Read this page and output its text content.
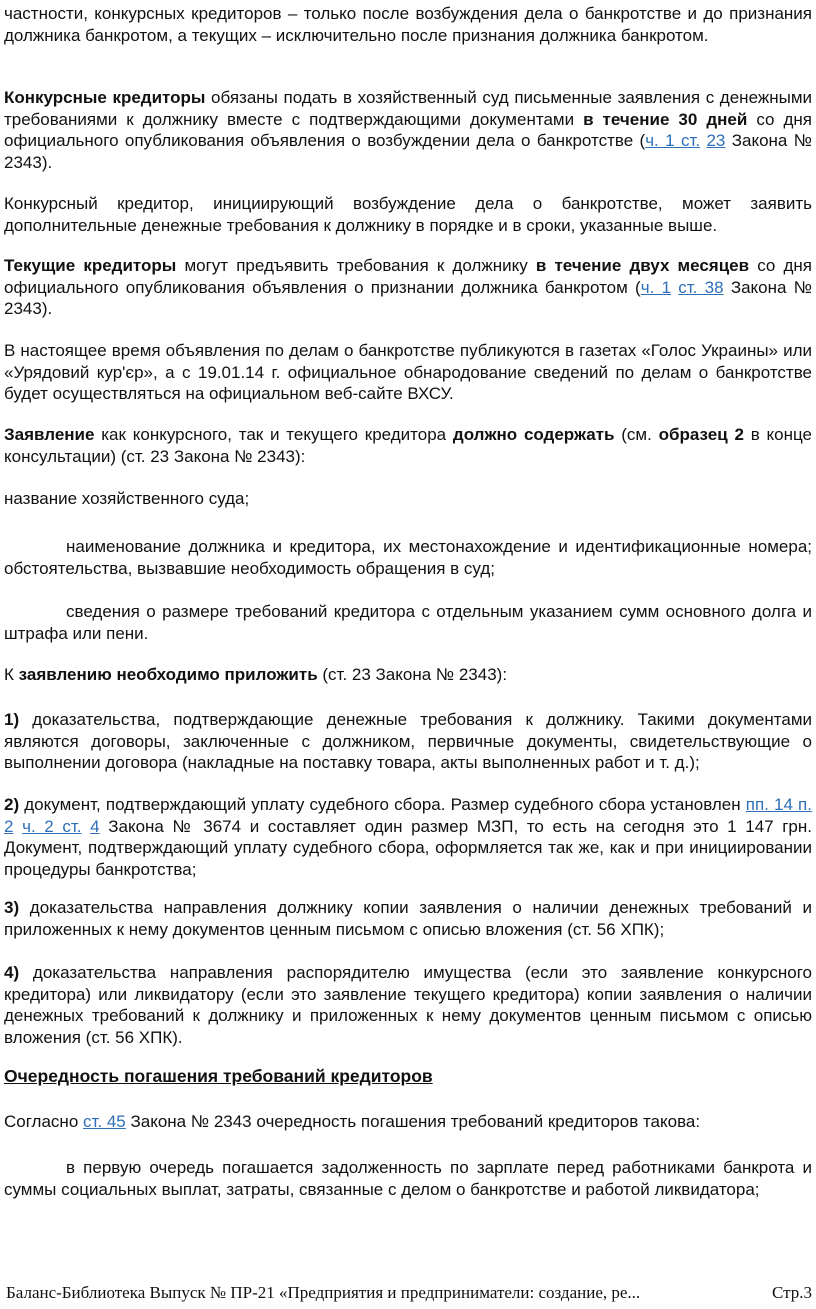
частности, конкурсных кредиторов – только после возбуждения дела о банкротстве и до признания должника банкротом, а текущих – исключительно после признания должника банкротом.

Конкурсные кредиторы обязаны подать в хозяйственный суд письменные заявления с денежными требованиями к должнику вместе с подтверждающими документами в течение 30 дней со дня официального опубликования объявления о возбуждении дела о банкротстве (ч. 1 ст. 23 Закона № 2343).

Конкурсный кредитор, инициирующий возбуждение дела о банкротстве, может заявить дополнительные денежные требования к должнику в порядке и в сроки, указанные выше.

Текущие кредиторы могут предъявить требования к должнику в течение двух месяцев со дня официального опубликования объявления о признании должника банкротом (ч. 1 ст. 38 Закона № 2343).

В настоящее время объявления по делам о банкротстве публикуются в газетах «Голос Украины» или «Урядовий кур'єр», а с 19.01.14 г. официальное обнародование сведений по делам о банкротстве будет осуществляться на официальном веб-сайте ВХСУ.

Заявление как конкурсного, так и текущего кредитора должно содержать (см. образец 2 в конце консультации) (ст. 23 Закона № 2343):

название хозяйственного суда;

наименование должника и кредитора, их местонахождение и идентификационные номера; обстоятельства, вызвавшие необходимость обращения в суд;

сведения о размере требований кредитора с отдельным указанием сумм основного долга и штрафа или пени.

К заявлению необходимо приложить (ст. 23 Закона № 2343):

1) доказательства, подтверждающие денежные требования к должнику. Такими документами являются договоры, заключенные с должником, первичные документы, свидетельствующие о выполнении договора (накладные на поставку товара, акты выполненных работ и т. д.);

2) документ, подтверждающий уплату судебного сбора. Размер судебного сбора установлен пп. 14 п. 2 ч. 2 ст. 4 Закона № 3674 и составляет один размер МЗП, то есть на сегодня это 1 147 грн. Документ, подтверждающий уплату судебного сбора, оформляется так же, как и при инициировании процедуры банкротства;

3) доказательства направления должнику копии заявления о наличии денежных требований и приложенных к нему документов ценным письмом с описью вложения (ст. 56 ХПК);

4) доказательства направления распорядителю имущества (если это заявление конкурсного кредитора) или ликвидатору (если это заявление текущего кредитора) копии заявления о наличии денежных требований к должнику и приложенных к нему документов ценным письмом с описью вложения (ст. 56 ХПК).

Очередность погашения требований кредиторов

Согласно ст. 45 Закона № 2343 очередность погашения требований кредиторов такова:

в первую очередь погашается задолженность по зарплате перед работниками банкрота и суммы социальных выплат, затраты, связанные с делом о банкротстве и работой ликвидатора;

Баланс-Библиотека Выпуск № ПР-21 «Предприятия и предприниматели: создание, ре...	Стр.3
